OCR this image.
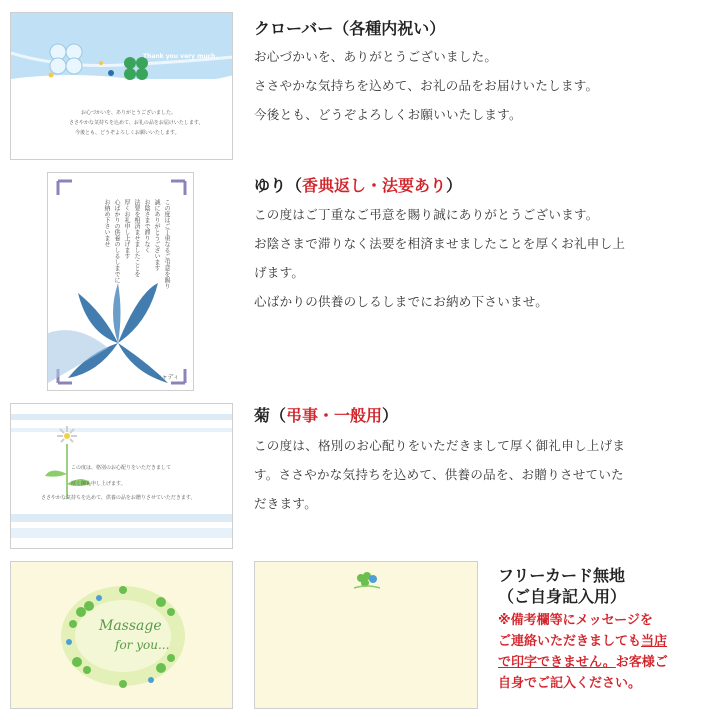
Thank you very much.
お心づかいを、ありがとうございました。
ささやかな気持ちを込めて、お礼の品をお届けいたします。
今後とも、どうぞよろしくお願いいたします。
クローバー（各種内祝い）
お心づかいを、ありがとうございました。
ささやかな気持ちを込めて、お礼の品をお届けいたします。
今後とも、どうぞよろしくお願いいたします。
この度はご丁重なるご弔意を賜り
誠にありがとうございます
お陰さまで滞りなく
法要を相済ませましたことを
厚くお礼申し上げます
心ばかりの供養のしるしまでに
お納め下さいませ
シャディ
ゆり（香典返し・法要あり）
この度はご丁重なご弔意を賜り誠にありがとうございます。
お陰さまで滞りなく法要を相済ませましたことを厚くお礼申し上
げます。
心ばかりの供養のしるしまでにお納め下さいませ。
この度は、格別のお心配りをいただきまして
厚く御礼申し上げます。
ささやかな気持ちを込めて、供養の品をお贈りさせていただきます。
菊（弔事・一般用）
この度は、格別のお心配りをいただきまして厚く御礼申し上げま
す。ささやかな気持ちを込めて、供養の品を、お贈りさせていた
だきます。
Massage
for you...
フリーカード無地
（ご自身記入用）
※備考欄等にメッセージを
ご連絡いただきましても当店
で印字できません。お客様ご
自身でご記入ください。
